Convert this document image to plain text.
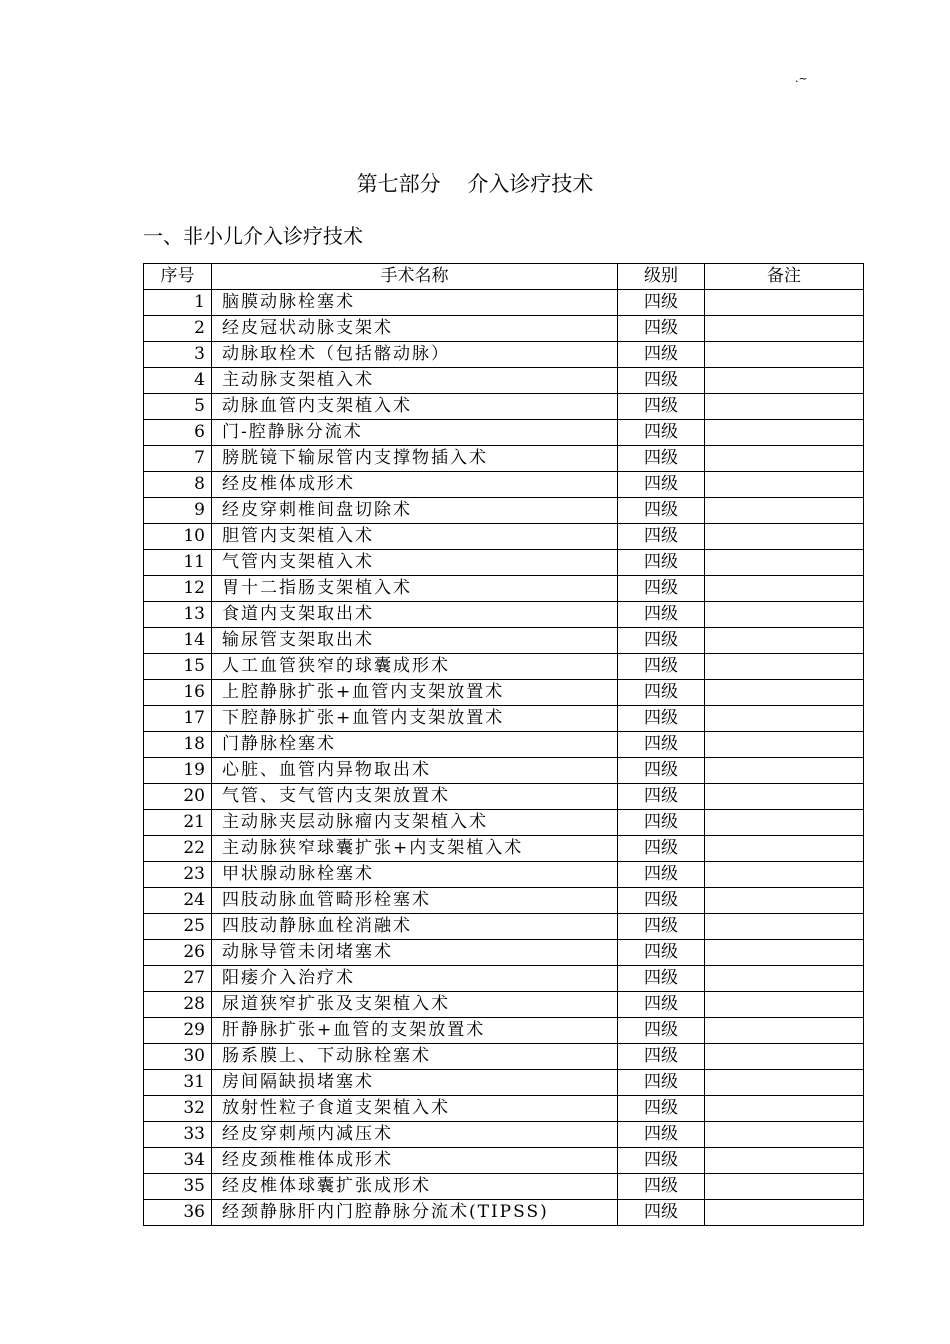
.~
第七部分    介入诊疗技术
一、非小儿介入诊疗技术
序号	手术名称	级别	备注
1	脑膜动脉栓塞术	四级	
2	经皮冠状动脉支架术	四级	
3	动脉取栓术（包括髂动脉）	四级	
4	主动脉支架植入术	四级	
5	动脉血管内支架植入术	四级	
6	门-腔静脉分流术	四级	
7	膀胱镜下输尿管内支撑物插入术	四级	
8	经皮椎体成形术	四级	
9	经皮穿刺椎间盘切除术	四级	
10	胆管内支架植入术	四级	
11	气管内支架植入术	四级	
12	胃十二指肠支架植入术	四级	
13	食道内支架取出术	四级	
14	输尿管支架取出术	四级	
15	人工血管狭窄的球囊成形术	四级	
16	上腔静脉扩张+血管内支架放置术	四级	
17	下腔静脉扩张+血管内支架放置术	四级	
18	门静脉栓塞术	四级	
19	心脏、血管内异物取出术	四级	
20	气管、支气管内支架放置术	四级	
21	主动脉夹层动脉瘤内支架植入术	四级	
22	主动脉狭窄球囊扩张+内支架植入术	四级	
23	甲状腺动脉栓塞术	四级	
24	四肢动脉血管畸形栓塞术	四级	
25	四肢动静脉血栓消融术	四级	
26	动脉导管未闭堵塞术	四级	
27	阳痿介入治疗术	四级	
28	尿道狭窄扩张及支架植入术	四级	
29	肝静脉扩张+血管的支架放置术	四级	
30	肠系膜上、下动脉栓塞术	四级	
31	房间隔缺损堵塞术	四级	
32	放射性粒子食道支架植入术	四级	
33	经皮穿刺颅内减压术	四级	
34	经皮颈椎椎体成形术	四级	
35	经皮椎体球囊扩张成形术	四级	
36	经颈静脉肝内门腔静脉分流术(TIPSS)	四级	
